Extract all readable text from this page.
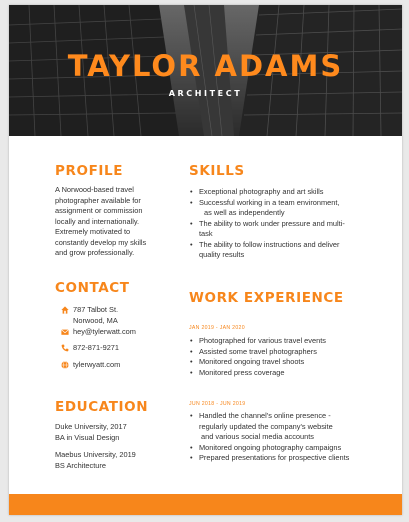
TAYLOR ADAMS
ARCHITECT
PROFILE
A Norwood-based travel
photographer available for
assignment or commission
locally and internationally.
Extremely motivated to
constantly develop my skills
and grow professionally.
CONTACT
787 Talbot St.
Norwood, MA
hey@tylerwatt.com
872-871-9271
tylerwyatt.com
EDUCATION
Duke University, 2017
BA in Visual Design
Maebus University, 2019
BS Architecture
SKILLS
• Exceptional photography and art skills
• Successful working in a team environment,
as well as independently
• The ability to work under pressure and multi-
task
• The ability to follow instructions and deliver
quality results
WORK EXPERIENCE
JAN 2019 - JAN 2020
• Photographed for various travel events
• Assisted some travel photographers
• Monitored ongoing travel shoots
• Monitored press coverage
JUN 2018 - JUN 2019
• Handled the channel's online presence -
regularly updated the company's website
and various social media accounts
• Monitored ongoing photography campaigns
• Prepared presentations for prospective clients
